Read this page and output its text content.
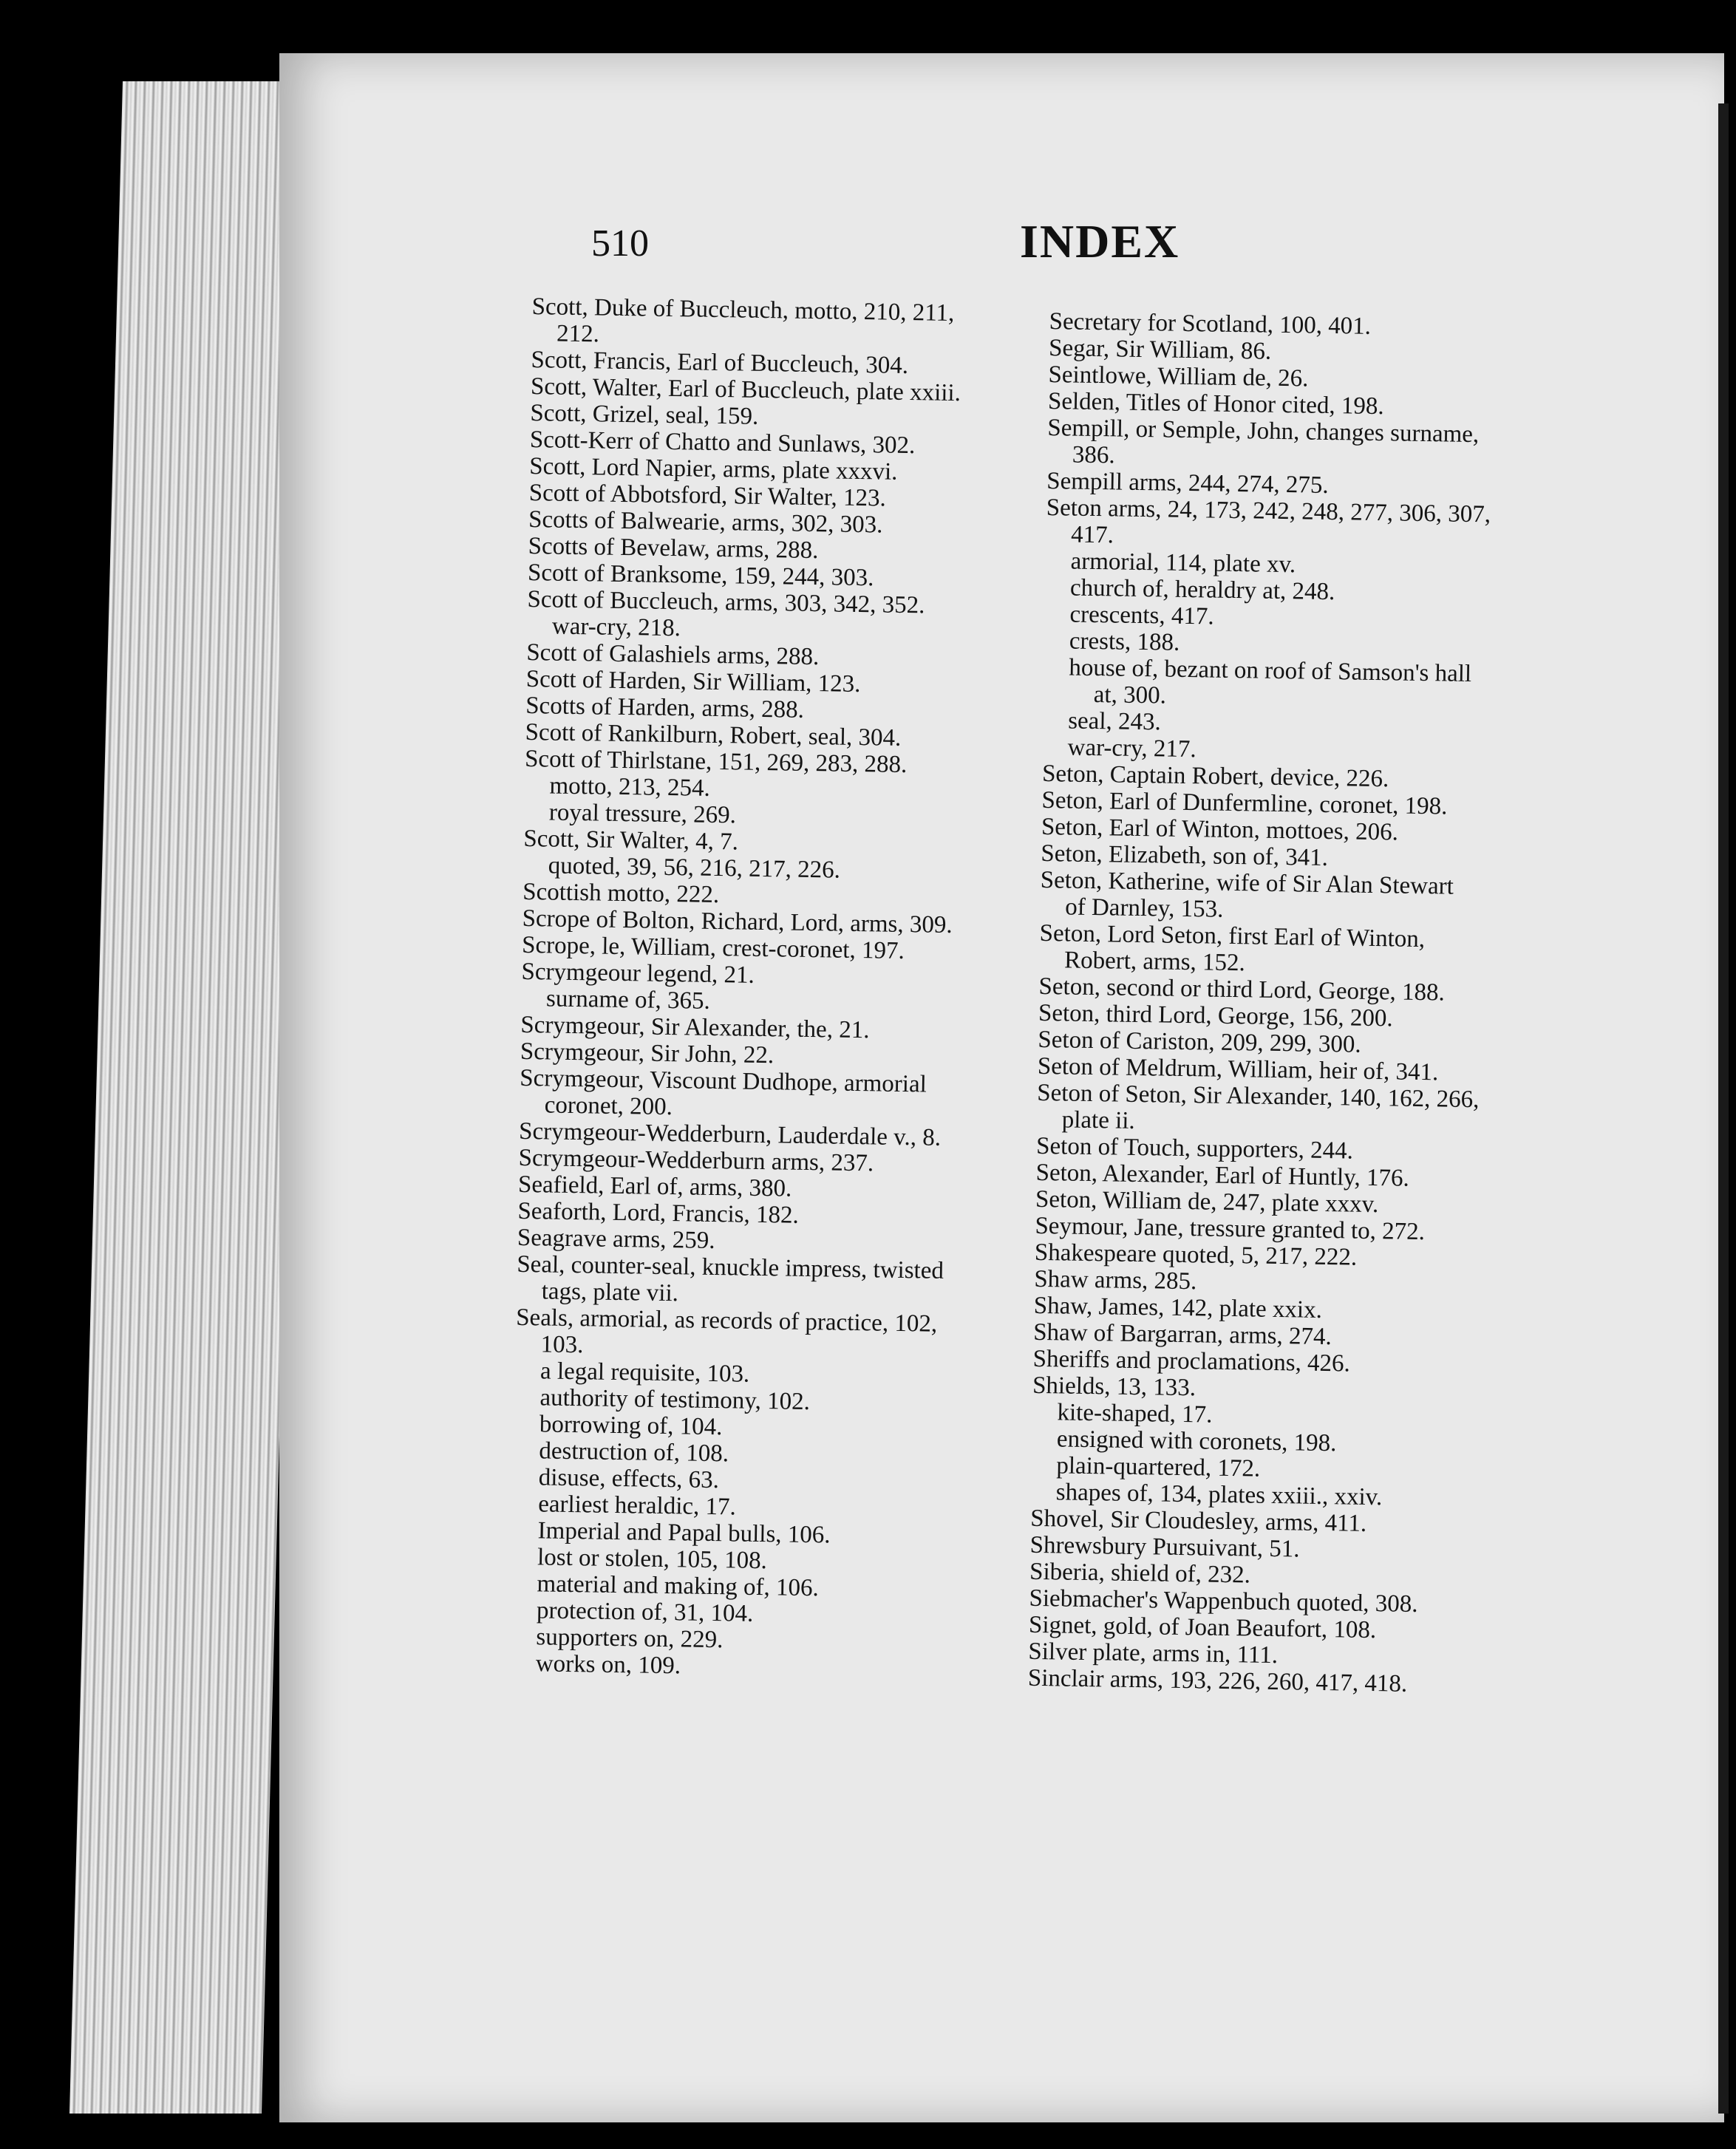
510	INDEX
Scott, Duke of Buccleuch, motto, 210, 211,
212.
Scott, Francis, Earl of Buccleuch, 304.
Scott, Walter, Earl of Buccleuch, plate xxiii.
Scott, Grizel, seal, 159.
Scott-Kerr of Chatto and Sunlaws, 302.
Scott, Lord Napier, arms, plate xxxvi.
Scott of Abbotsford, Sir Walter, 123.
Scotts of Balwearie, arms, 302, 303.
Scotts of Bevelaw, arms, 288.
Scott of Branksome, 159, 244, 303.
Scott of Buccleuch, arms, 303, 342, 352.
war-cry, 218.
Scott of Galashiels arms, 288.
Scott of Harden, Sir William, 123.
Scotts of Harden, arms, 288.
Scott of Rankilburn, Robert, seal, 304.
Scott of Thirlstane, 151, 269, 283, 288.
motto, 213, 254.
royal tressure, 269.
Scott, Sir Walter, 4, 7.
quoted, 39, 56, 216, 217, 226.
Scottish motto, 222.
Scrope of Bolton, Richard, Lord, arms, 309.
Scrope, le, William, crest-coronet, 197.
Scrymgeour legend, 21.
surname of, 365.
Scrymgeour, Sir Alexander, the, 21.
Scrymgeour, Sir John, 22.
Scrymgeour, Viscount Dudhope, armorial
coronet, 200.
Scrymgeour-Wedderburn, Lauderdale v., 8.
Scrymgeour-Wedderburn arms, 237.
Seafield, Earl of, arms, 380.
Seaforth, Lord, Francis, 182.
Seagrave arms, 259.
Seal, counter-seal, knuckle impress, twisted
tags, plate vii.
Seals, armorial, as records of practice, 102,
103.
a legal requisite, 103.
authority of testimony, 102.
borrowing of, 104.
destruction of, 108.
disuse, effects, 63.
earliest heraldic, 17.
Imperial and Papal bulls, 106.
lost or stolen, 105, 108.
material and making of, 106.
protection of, 31, 104.
supporters on, 229.
works on, 109.
Secretary for Scotland, 100, 401.
Segar, Sir William, 86.
Seintlowe, William de, 26.
Selden, Titles of Honor cited, 198.
Sempill, or Semple, John, changes surname,
386.
Sempill arms, 244, 274, 275.
Seton arms, 24, 173, 242, 248, 277, 306, 307,
417.
armorial, 114, plate xv.
church of, heraldry at, 248.
crescents, 417.
crests, 188.
house of, bezant on roof of Samson's hall
at, 300.
seal, 243.
war-cry, 217.
Seton, Captain Robert, device, 226.
Seton, Earl of Dunfermline, coronet, 198.
Seton, Earl of Winton, mottoes, 206.
Seton, Elizabeth, son of, 341.
Seton, Katherine, wife of Sir Alan Stewart
of Darnley, 153.
Seton, Lord Seton, first Earl of Winton,
Robert, arms, 152.
Seton, second or third Lord, George, 188.
Seton, third Lord, George, 156, 200.
Seton of Cariston, 209, 299, 300.
Seton of Meldrum, William, heir of, 341.
Seton of Seton, Sir Alexander, 140, 162, 266,
plate ii.
Seton of Touch, supporters, 244.
Seton, Alexander, Earl of Huntly, 176.
Seton, William de, 247, plate xxxv.
Seymour, Jane, tressure granted to, 272.
Shakespeare quoted, 5, 217, 222.
Shaw arms, 285.
Shaw, James, 142, plate xxix.
Shaw of Bargarran, arms, 274.
Sheriffs and proclamations, 426.
Shields, 13, 133.
kite-shaped, 17.
ensigned with coronets, 198.
plain-quartered, 172.
shapes of, 134, plates xxiii., xxiv.
Shovel, Sir Cloudesley, arms, 411.
Shrewsbury Pursuivant, 51.
Siberia, shield of, 232.
Siebmacher's Wappenbuch quoted, 308.
Signet, gold, of Joan Beaufort, 108.
Silver plate, arms in, 111.
Sinclair arms, 193, 226, 260, 417, 418.
